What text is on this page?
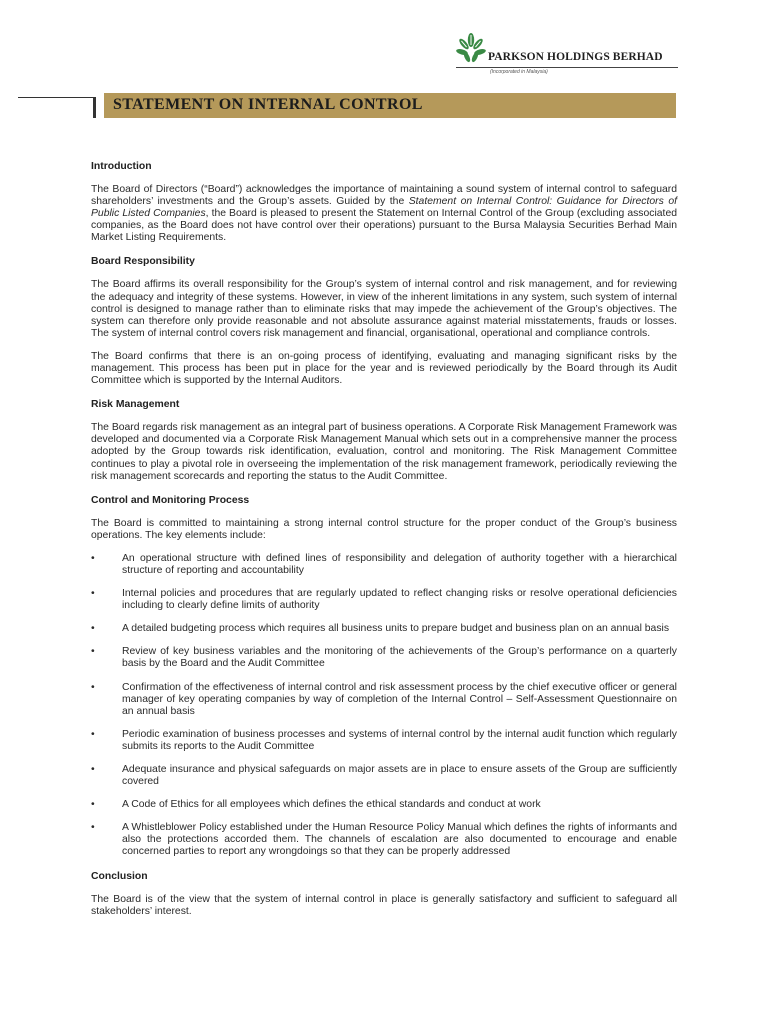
PARKSON HOLDINGS BERHAD
(Incorporated in Malaysia)
STATEMENT ON INTERNAL CONTROL
Introduction

The Board of Directors (“Board”) acknowledges the importance of maintaining a sound system of internal control to safeguard shareholders’ investments and the Group’s assets. Guided by the Statement on Internal Control: Guidance for Directors of Public Listed Companies, the Board is pleased to present the Statement on Internal Control of the Group (excluding associated companies, as the Board does not have control over their operations) pursuant to the Bursa Malaysia Securities Berhad Main Market Listing Requirements.

Board Responsibility

The Board affirms its overall responsibility for the Group’s system of internal control and risk management, and for reviewing the adequacy and integrity of these systems. However, in view of the inherent limitations in any system, such system of internal control is designed to manage rather than to eliminate risks that may impede the achievement of the Group’s objectives. The system can therefore only provide reasonable and not absolute assurance against material misstatements, frauds or losses. The system of internal control covers risk management and financial, organisational, operational and compliance controls.

The Board confirms that there is an on-going process of identifying, evaluating and managing significant risks by the management. This process has been put in place for the year and is reviewed periodically by the Board through its Audit Committee which is supported by the Internal Auditors.

Risk Management

The Board regards risk management as an integral part of business operations. A Corporate Risk Management Framework was developed and documented via a Corporate Risk Management Manual which sets out in a comprehensive manner the process adopted by the Group towards risk identification, evaluation, control and monitoring. The Risk Management Committee continues to play a pivotal role in overseeing the implementation of the risk management framework, periodically reviewing the risk management scorecards and reporting the status to the Audit Committee.

Control and Monitoring Process

The Board is committed to maintaining a strong internal control structure for the proper conduct of the Group’s business operations. The key elements include:

•	An operational structure with defined lines of responsibility and delegation of authority together with a hierarchical structure of reporting and accountability
•	Internal policies and procedures that are regularly updated to reflect changing risks or resolve operational deficiencies including to clearly define limits of authority
•	A detailed budgeting process which requires all business units to prepare budget and business plan on an annual basis
•	Review of key business variables and the monitoring of the achievements of the Group’s performance on a quarterly basis by the Board and the Audit Committee
•	Confirmation of the effectiveness of internal control and risk assessment process by the chief executive officer or general manager of key operating companies by way of completion of the Internal Control – Self-Assessment Questionnaire on an annual basis
•	Periodic examination of business processes and systems of internal control by the internal audit function which regularly submits its reports to the Audit Committee
•	Adequate insurance and physical safeguards on major assets are in place to ensure assets of the Group are sufficiently covered
•	A Code of Ethics for all employees which defines the ethical standards and conduct at work
•	A Whistleblower Policy established under the Human Resource Policy Manual which defines the rights of informants and also the protections accorded them. The channels of escalation are also documented to encourage and enable concerned parties to report any wrongdoings so that they can be properly addressed
Conclusion

The Board is of the view that the system of internal control in place is generally satisfactory and sufficient to safeguard all stakeholders’ interest.
